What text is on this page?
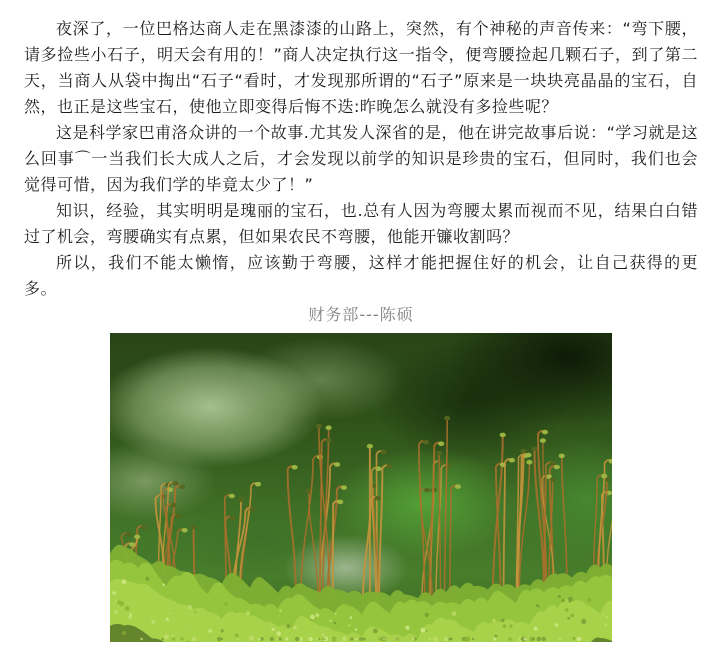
夜深了，一位巴格达商人走在黑漆漆的山路上，突然，有个神秘的声音传来：“弯下腰，请多捡些小石子，明天会有用的！”商人决定执行这一指令，便弯腰捡起几颗石子，到了第二天，当商人从袋中掏出“石子“看时，才发现那所谓的“石子”原来是一块块亮晶晶的宝石，自然，也正是这些宝石，使他立即变得后悔不迭:昨晚怎么就没有多捡些呢？

这是科学家巴甫洛众讲的一个故事.尤其发人深省的是，他在讲完故事后说：“学习就是这么回事⌒一当我们长大成人之后，才会发现以前学的知识是珍贵的宝石，但同时，我们也会觉得可惜，因为我们学的毕竟太少了！”

知识，经验，其实明明是瑰丽的宝石，也.总有人因为弯腰太累而视而不见，结果白白错过了机会，弯腰确实有点累，但如果农民不弯腰，他能开镰收割吗？

所以，我们不能太懒惰，应该勤于弯腰，这样才能把握住好的机会，让自己获得的更多。

财务部---陈硕
